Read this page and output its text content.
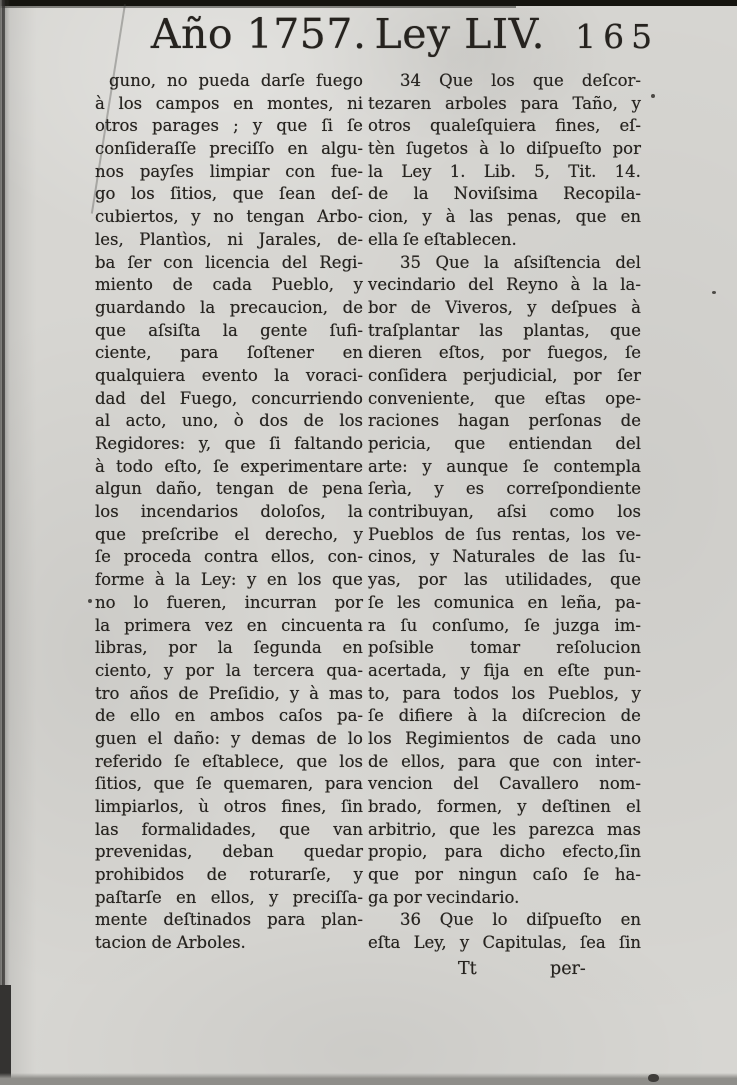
Año 1757. Ley LIV. 165
guno, no pueda darſe fuego
à los campos en montes, ni
otros parages ; y que ſi ſe
conſideraſſe preciſſo en algu-
nos payſes limpiar con fue-
go los ſitios, que ſean deſ-
cubiertos, y no tengan Arbo-
les, Plantìos, ni Jarales, de-
ba ſer con licencia del Regi-
miento de cada Pueblo, y
guardando la precaucion, de
que aſsiſta la gente ſufi-
ciente, para ſoſtener en
qualquiera evento la voraci-
dad del Fuego, concurriendo
al acto, uno, ò dos de los
Regidores: y, que ſi faltando
à todo eſto, ſe experimentare
algun daño, tengan de pena
los incendarios doloſos, la
que preſcribe el derecho, y
ſe proceda contra ellos, con-
forme à la Ley: y en los que
no lo fueren, incurran por
la primera vez en cincuenta
libras, por la ſegunda en
ciento, y por la tercera qua-
tro años de Preſidio, y à mas
de ello en ambos caſos pa-
guen el daño: y demas de lo
referido ſe eſtablece, que los
ſitios, que ſe quemaren, para
limpiarlos, ù otros fines, ſin
las formalidades, que van
prevenidas, deban quedar
prohibidos de roturarſe, y
paſtarſe en ellos, y preciſſa-
mente deſtinados para plan-
tacion de Arboles.
34 Que los que deſcor-
tezaren arboles para Taño, y
otros qualeſquiera fines, eſ-
tèn ſugetos à lo diſpueſto por
la Ley 1. Lib. 5, Tit. 14.
de la Noviſsima Recopila-
cion, y à las penas, que en
ella ſe eſtablecen.
35 Que la aſsiſtencia del
vecindario del Reyno à la la-
bor de Viveros, y deſpues à
traſplantar las plantas, que
dieren eſtos, por fuegos, ſe
conſidera perjudicial, por ſer
conveniente, que eſtas ope-
raciones hagan perſonas de
pericia, que entiendan del
arte: y aunque ſe contempla
ſerìa, y es correſpondiente
contribuyan, aſsi como los
Pueblos de ſus rentas, los ve-
cinos, y Naturales de las ſu-
yas, por las utilidades, que
ſe les comunica en leña, pa-
ra ſu conſumo, ſe juzga im-
poſsible tomar reſolucion
acertada, y fija en eſte pun-
to, para todos los Pueblos, y
ſe difiere à la diſcrecion de
los Regimientos de cada uno
de ellos, para que con inter-
vencion del Cavallero nom-
brado, formen, y deſtinen el
arbitrio, que les parezca mas
propio, para dicho efecto,ſin
que por ningun caſo ſe ha-
ga por vecindario.
36 Que lo diſpueſto en
eſta Ley, y Capitulas, ſea ſin
Tt	per-
